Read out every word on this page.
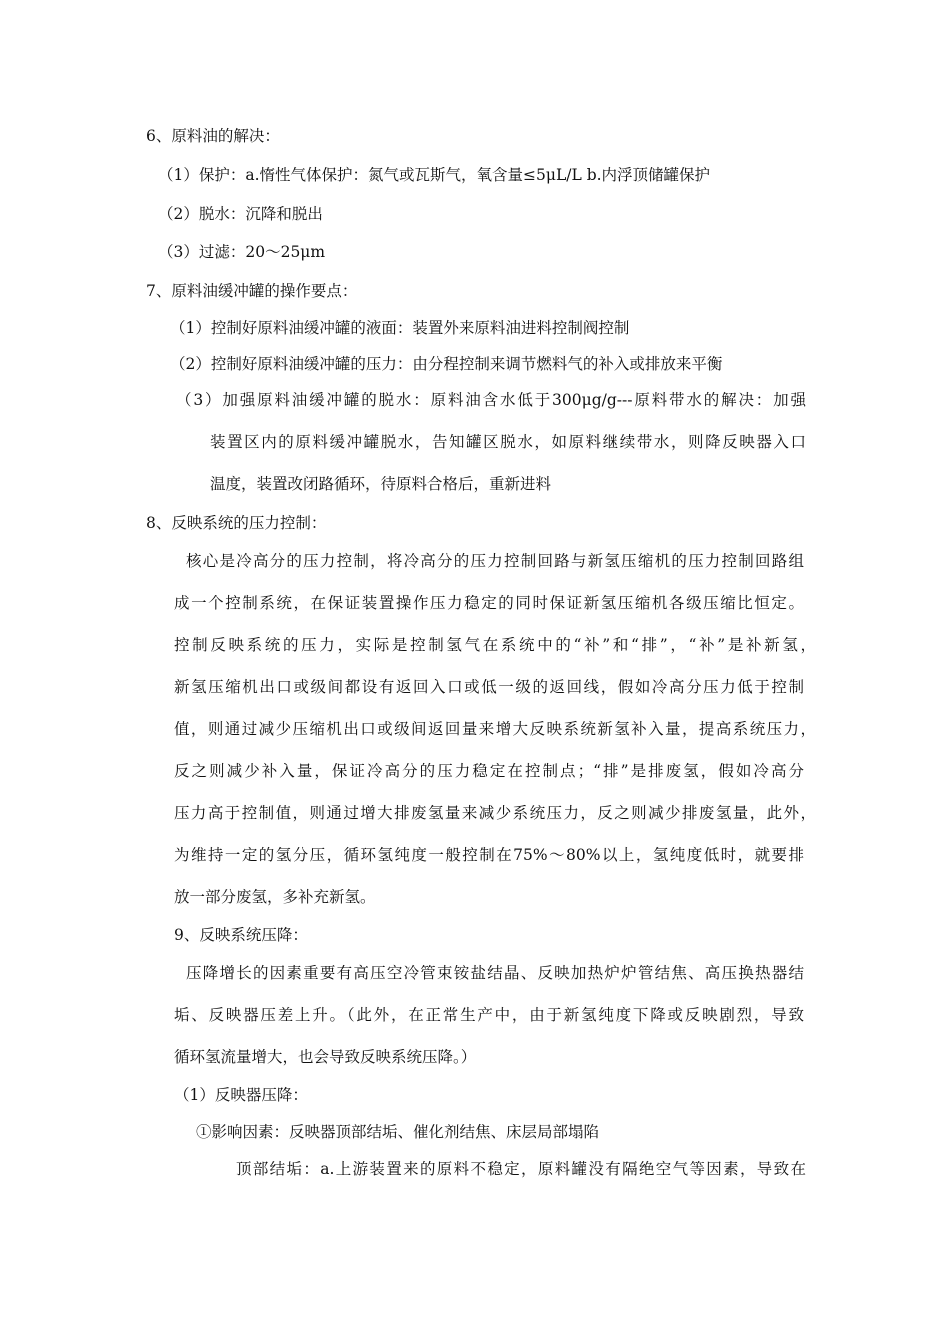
6、原料油的解决：
（1）保护：a.惰性气体保护：氮气或瓦斯气，氧含量≤5μL/L b.内浮顶储罐保护
（2）脱水：沉降和脱出
（3）过滤：20～25μm
7、原料油缓冲罐的操作要点：
（1）控制好原料油缓冲罐的液面：装置外来原料油进料控制阀控制
（2）控制好原料油缓冲罐的压力：由分程控制来调节燃料气的补入或排放来平衡
（3）加强原料油缓冲罐的脱水：原料油含水低于300μg/g---原料带水的解决：加强
装置区内的原料缓冲罐脱水，告知罐区脱水，如原料继续带水，则降反映器入口
温度，装置改闭路循环，待原料合格后，重新进料
8、反映系统的压力控制：
核心是冷高分的压力控制，将冷高分的压力控制回路与新氢压缩机的压力控制回路组
成一个控制系统，在保证装置操作压力稳定的同时保证新氢压缩机各级压缩比恒定。
控制反映系统的压力，实际是控制氢气在系统中的“补”和“排”，“补”是补新氢，
新氢压缩机出口或级间都设有返回入口或低一级的返回线，假如冷高分压力低于控制
值，则通过减少压缩机出口或级间返回量来增大反映系统新氢补入量，提高系统压力，
反之则减少补入量，保证冷高分的压力稳定在控制点；“排”是排废氢，假如冷高分
压力高于控制值，则通过增大排废氢量来减少系统压力，反之则减少排废氢量，此外，
为维持一定的氢分压，循环氢纯度一般控制在75%～80%以上，氢纯度低时，就要排
放一部分废氢，多补充新氢。
9、反映系统压降：
压降增长的因素重要有高压空冷管束铵盐结晶、反映加热炉炉管结焦、高压换热器结
垢、反映器压差上升。（此外，在正常生产中，由于新氢纯度下降或反映剧烈，导致
循环氢流量增大，也会导致反映系统压降。）
（1）反映器压降：
①影响因素：反映器顶部结垢、催化剂结焦、床层局部塌陷
顶部结垢：a.上游装置来的原料不稳定，原料罐没有隔绝空气等因素，导致在
